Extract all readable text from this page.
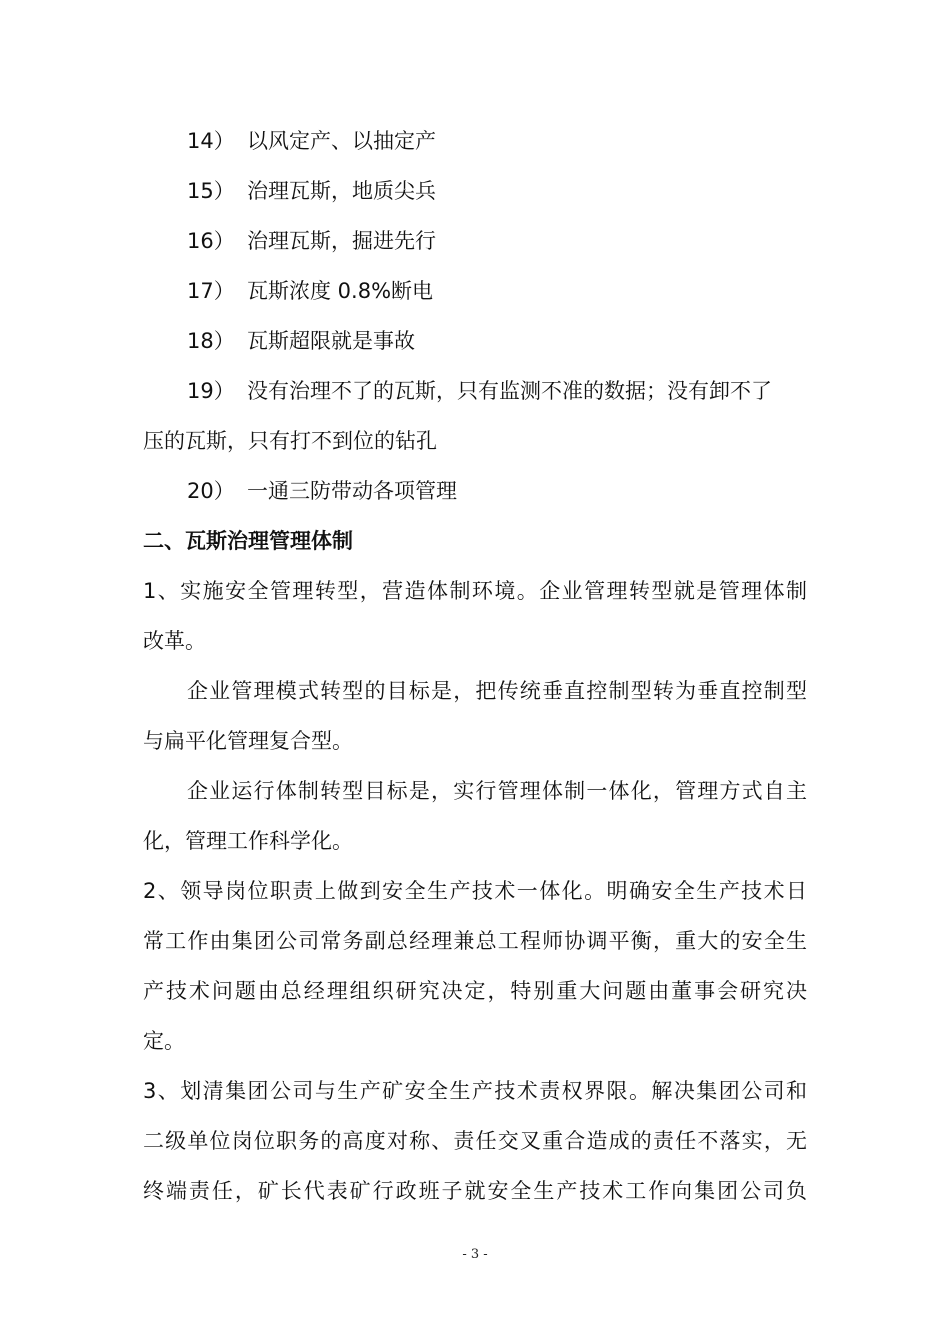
14） 以风定产、以抽定产
15） 治理瓦斯，地质尖兵
16） 治理瓦斯，掘进先行
17） 瓦斯浓度 0.8%断电
18） 瓦斯超限就是事故
19） 没有治理不了的瓦斯，只有监测不准的数据；没有卸不了
压的瓦斯，只有打不到位的钻孔
20） 一通三防带动各项管理
二、瓦斯治理管理体制
1、实施安全管理转型，营造体制环境。企业管理转型就是管理体制
改革。
企业管理模式转型的目标是，把传统垂直控制型转为垂直控制型
与扁平化管理复合型。
企业运行体制转型目标是，实行管理体制一体化，管理方式自主
化，管理工作科学化。
2、领导岗位职责上做到安全生产技术一体化。明确安全生产技术日
常工作由集团公司常务副总经理兼总工程师协调平衡，重大的安全生
产技术问题由总经理组织研究决定，特别重大问题由董事会研究决
定。
3、划清集团公司与生产矿安全生产技术责权界限。解决集团公司和
二级单位岗位职务的高度对称、责任交叉重合造成的责任不落实，无
终端责任，矿长代表矿行政班子就安全生产技术工作向集团公司负
- 3 -
